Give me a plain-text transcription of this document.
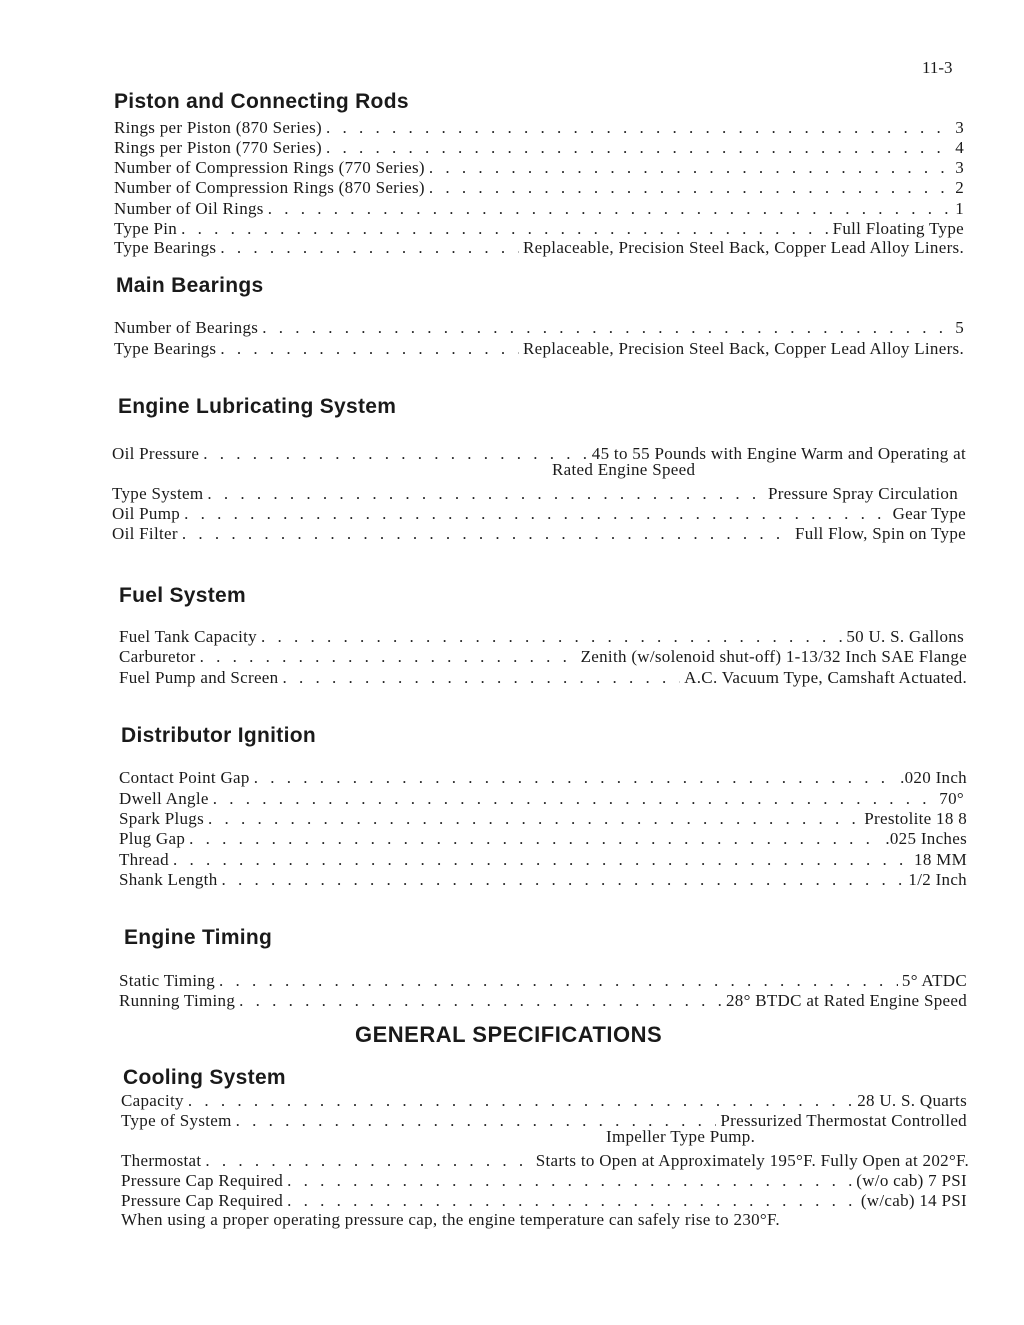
11-3
Piston and Connecting Rods
Rings per Piston (870 Series) . . .	3
Rings per Piston (770 Series) . . .	4
Number of Compression Rings (770 Series) . . .	3
Number of Compression Rings (870 Series) . . .	2
Number of Oil Rings . . .	1
Type Pin . . .	Full Floating Type
Type Bearings . . .	Replaceable, Precision Steel Back, Copper Lead Alloy Liners.
Main Bearings
Number of Bearings . . .	5
Type Bearings . . .	Replaceable, Precision Steel Back, Copper Lead Alloy Liners.
Engine Lubricating System
Oil Pressure . . .	45 to 55 Pounds with Engine Warm and Operating at
Rated Engine Speed
Type System . . .	Pressure Spray Circulation
Oil Pump . . .	Gear Type
Oil Filter . . .	Full Flow, Spin on Type
Fuel System
Fuel Tank Capacity . . .	50 U. S. Gallons
Carburetor . . .	Zenith (w/solenoid shut-off) 1-13/32 Inch SAE Flange
Fuel Pump and Screen . . .	A.C. Vacuum Type, Camshaft Actuated.
Distributor Ignition
Contact Point Gap . . .	.020 Inch
Dwell Angle . . .	70°
Spark Plugs . . .	Prestolite 18 8
Plug Gap . . .	.025 Inches
Thread . . .	18 MM
Shank Length . . .	1/2 Inch
Engine Timing
Static Timing . . .	5° ATDC
Running Timing . . .	28° BTDC at Rated Engine Speed
GENERAL SPECIFICATIONS
Cooling System
Capacity . . .	28 U. S. Quarts
Type of System . . .	Pressurized Thermostat Controlled
Impeller Type Pump.
Thermostat . . .	Starts to Open at Approximately 195°F. Fully Open at 202°F.
Pressure Cap Required . . .	(w/o cab) 7 PSI
Pressure Cap Required . . .	(w/cab) 14 PSI
When using a proper operating pressure cap, the engine temperature can safely rise to 230°F.
